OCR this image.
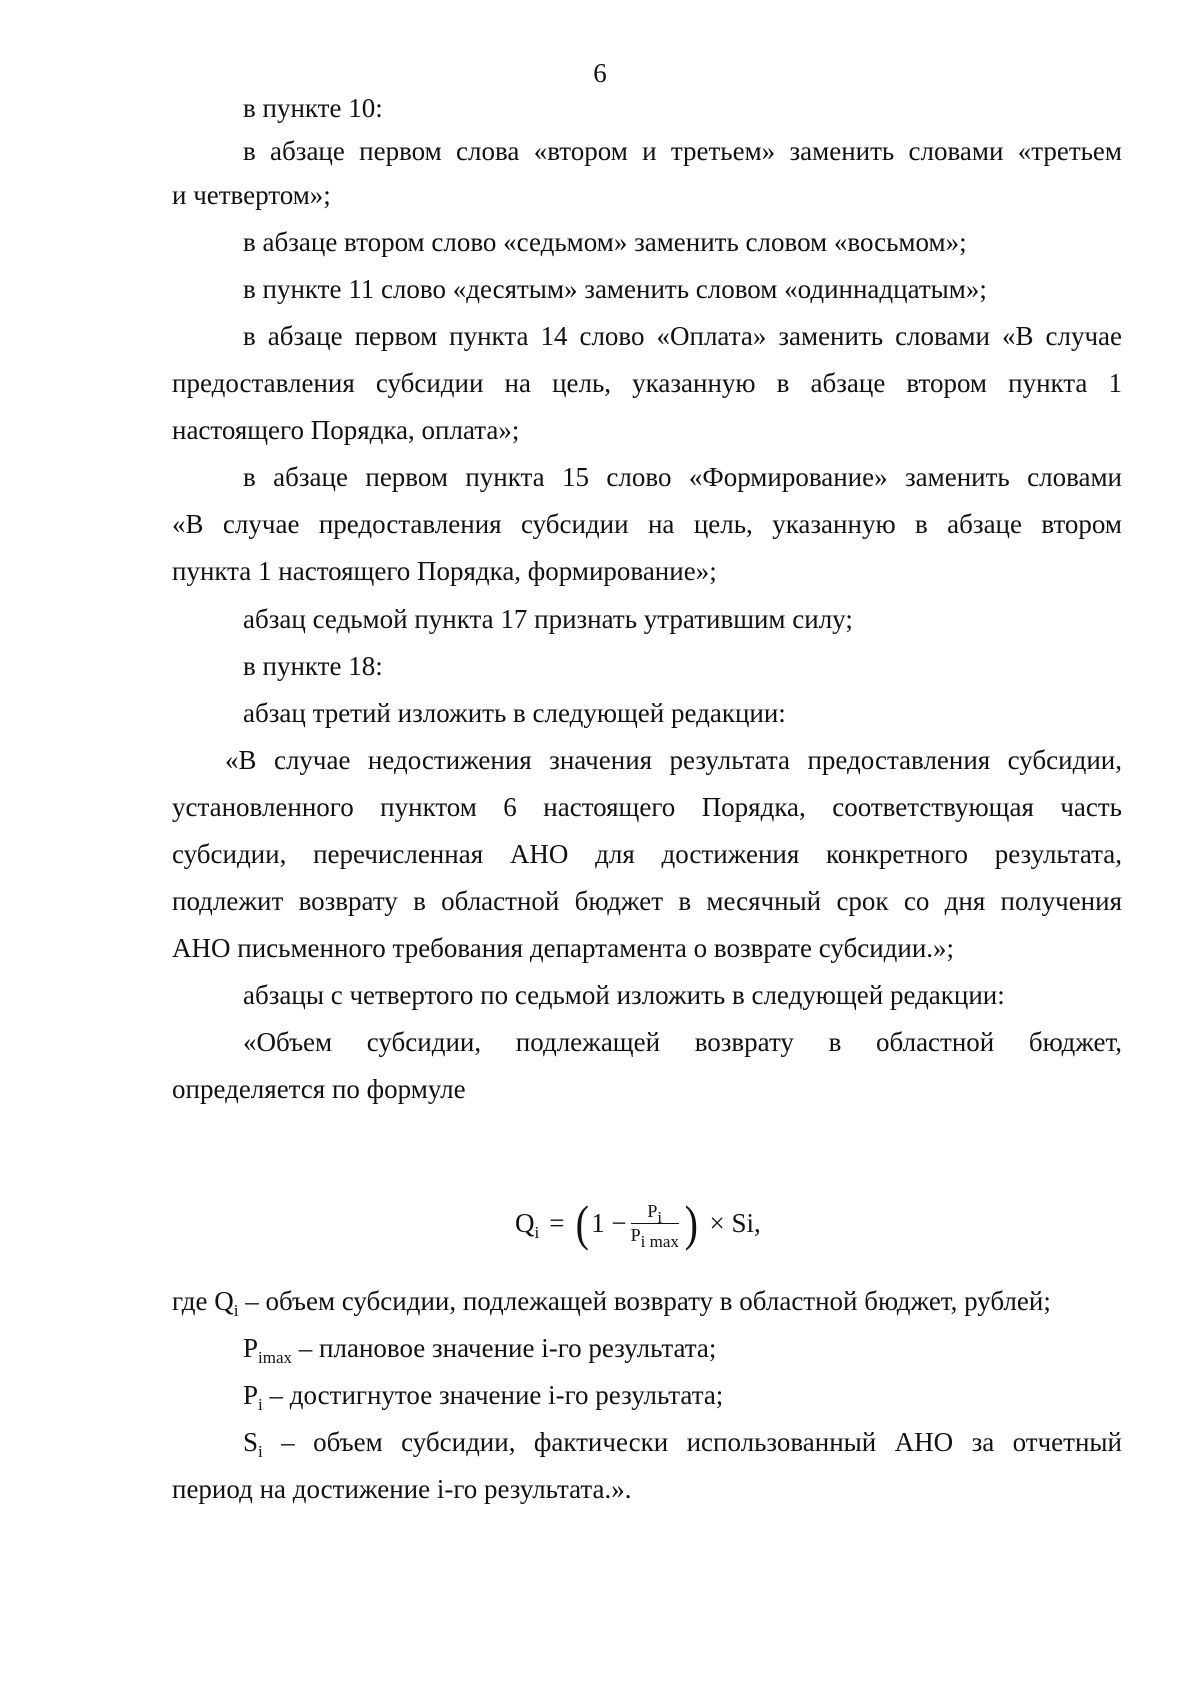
6
в пункте 10:
в абзаце первом слова «втором и третьем» заменить словами «третьем
и четвертом»;
в абзаце втором слово «седьмом» заменить словом «восьмом»;
в пункте 11 слово «десятым» заменить словом «одиннадцатым»;
в абзаце первом пункта 14 слово «Оплата» заменить словами «В случае
предоставления субсидии на цель, указанную в абзаце втором пункта 1
настоящего Порядка, оплата»;
в абзаце первом пункта 15 слово «Формирование» заменить словами
«В случае предоставления субсидии на цель, указанную в абзаце втором
пункта 1 настоящего Порядка, формирование»;
абзац седьмой пункта 17 признать утратившим силу;
в пункте 18:
абзац третий изложить в следующей редакции:
«В случае недостижения значения результата предоставления субсидии,
установленного пунктом 6 настоящего Порядка, соответствующая часть
субсидии, перечисленная АНО для достижения конкретного результата,
подлежит возврату в областной бюджет в месячный срок со дня получения
АНО письменного требования департамента о возврате субсидии.»;
абзацы с четвертого по седьмой изложить в следующей редакции:
«Объем субсидии, подлежащей возврату в областной бюджет,
определяется по формуле
$Q_i$ = ( $1 - \frac{P_i}{P_{i max}}$ ) × Si,
где $Q_i$ – объем субсидии, подлежащей возврату в областной бюджет, рублей;
$P_{imax}$ – плановое значение i-го результата;
$P_i$ – достигнутое значение i-го результата;
$S_i$ – объем субсидии, фактически использованный АНО за отчетный
период на достижение i-го результата.».
